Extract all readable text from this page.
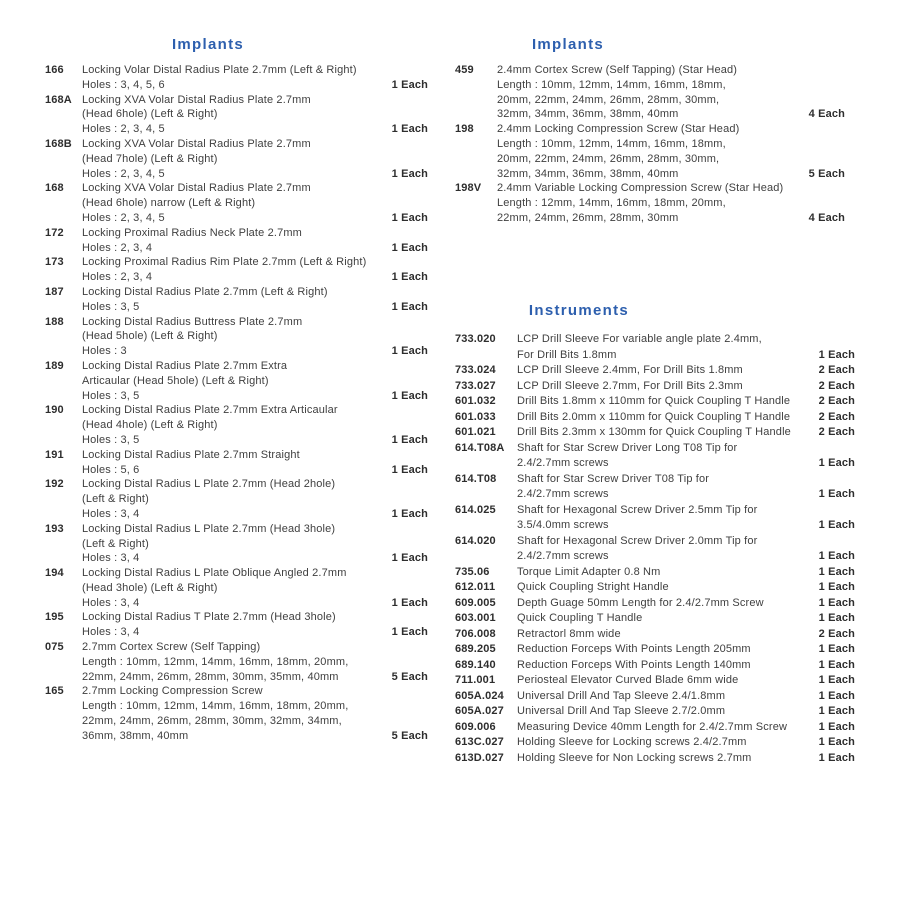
Implants
166	Locking Volar Distal Radius Plate 2.7mm (Left & Right)
Holes : 3, 4, 5, 6	1 Each
168A Locking XVA Volar Distal Radius Plate 2.7mm
(Head 6hole) (Left & Right)
Holes : 2, 3, 4, 5	1 Each
168B Locking XVA Volar Distal Radius Plate 2.7mm
(Head 7hole) (Left & Right)
Holes : 2, 3, 4, 5	1 Each
168	Locking XVA Volar Distal Radius Plate 2.7mm
(Head 6hole) narrow (Left & Right)
Holes : 2, 3, 4, 5	1 Each
172	Locking Proximal Radius Neck Plate 2.7mm
Holes : 2, 3, 4	1 Each
173	Locking Proximal Radius Rim Plate 2.7mm (Left & Right)
Holes : 2, 3, 4	1 Each
187	Locking Distal Radius Plate 2.7mm (Left & Right)
Holes : 3, 5	1 Each
188	Locking Distal Radius Buttress Plate 2.7mm
(Head 5hole) (Left & Right)
Holes : 3	1 Each
189	Locking Distal Radius Plate 2.7mm Extra
Articaular (Head 5hole) (Left & Right)
Holes : 3, 5	1 Each
190	Locking Distal Radius Plate 2.7mm Extra Articaular
(Head 4hole) (Left & Right)
Holes : 3, 5	1 Each
191	Locking Distal Radius Plate 2.7mm Straight
Holes : 5, 6	1 Each
192	Locking Distal Radius L Plate 2.7mm (Head 2hole)
(Left & Right)
Holes : 3, 4	1 Each
193	Locking Distal Radius L Plate 2.7mm (Head 3hole)
(Left & Right)
Holes : 3, 4	1 Each
194	Locking Distal Radius L Plate Oblique Angled 2.7mm
(Head 3hole) (Left & Right)
Holes : 3, 4	1 Each
195	Locking Distal Radius T Plate 2.7mm (Head 3hole)
Holes : 3, 4	1 Each
075	2.7mm Cortex Screw (Self Tapping)
Length : 10mm, 12mm, 14mm, 16mm, 18mm, 20mm,
22mm, 24mm, 26mm, 28mm, 30mm, 35mm, 40mm	5 Each
165	2.7mm Locking Compression Screw
Length : 10mm, 12mm, 14mm, 16mm, 18mm, 20mm,
22mm, 24mm, 26mm, 28mm, 30mm, 32mm, 34mm,
36mm, 38mm, 40mm	5 Each
Implants
459	2.4mm Cortex Screw (Self Tapping) (Star Head)
Length : 10mm, 12mm, 14mm, 16mm, 18mm,
20mm, 22mm, 24mm, 26mm, 28mm, 30mm,
32mm, 34mm, 36mm, 38mm, 40mm	4 Each
198	2.4mm Locking Compression Screw (Star Head)
Length : 10mm, 12mm, 14mm, 16mm, 18mm,
20mm, 22mm, 24mm, 26mm, 28mm, 30mm,
32mm, 34mm, 36mm, 38mm, 40mm	5 Each
198V	2.4mm Variable Locking Compression Screw (Star Head)
Length : 12mm, 14mm, 16mm, 18mm, 20mm,
22mm, 24mm, 26mm, 28mm, 30mm	4 Each
Instruments
733.020	LCP Drill Sleeve For variable angle plate 2.4mm,
For Drill Bits 1.8mm	1 Each
733.024	LCP Drill Sleeve 2.4mm, For Drill Bits 1.8mm	2 Each
733.027	LCP Drill Sleeve 2.7mm, For Drill Bits 2.3mm	2 Each
601.032	Drill Bits 1.8mm x 110mm for Quick Coupling T Handle	2 Each
601.033	Drill Bits 2.0mm x 110mm for Quick Coupling T Handle	2 Each
601.021	Drill Bits 2.3mm x 130mm for Quick Coupling T Handle	2 Each
614.T08A	Shaft for Star Screw Driver Long T08 Tip for
2.4/2.7mm screws	1 Each
614.T08	Shaft for Star Screw Driver T08 Tip for
2.4/2.7mm screws	1 Each
614.025	Shaft for Hexagonal Screw Driver 2.5mm Tip for
3.5/4.0mm screws	1 Each
614.020	Shaft for Hexagonal Screw Driver 2.0mm Tip for
2.4/2.7mm screws	1 Each
735.06	Torque Limit Adapter 0.8 Nm	1 Each
612.011	Quick Coupling Stright Handle	1 Each
609.005	Depth Guage 50mm Length for 2.4/2.7mm Screw	1 Each
603.001	Quick Coupling T Handle	1 Each
706.008	Retractorl 8mm wide	2 Each
689.205	Reduction Forceps With Points Length 205mm	1 Each
689.140	Reduction Forceps With Points Length 140mm	1 Each
711.001	Periosteal Elevator Curved Blade 6mm wide	1 Each
605A.024	Universal Drill And Tap Sleeve 2.4/1.8mm	1 Each
605A.027	Universal Drill And Tap Sleeve 2.7/2.0mm	1 Each
609.006	Measuring Device 40mm Length for 2.4/2.7mm Screw	1 Each
613C.027	Holding Sleeve for Locking screws 2.4/2.7mm	1 Each
613D.027	Holding Sleeve for Non Locking screws 2.7mm	1 Each
